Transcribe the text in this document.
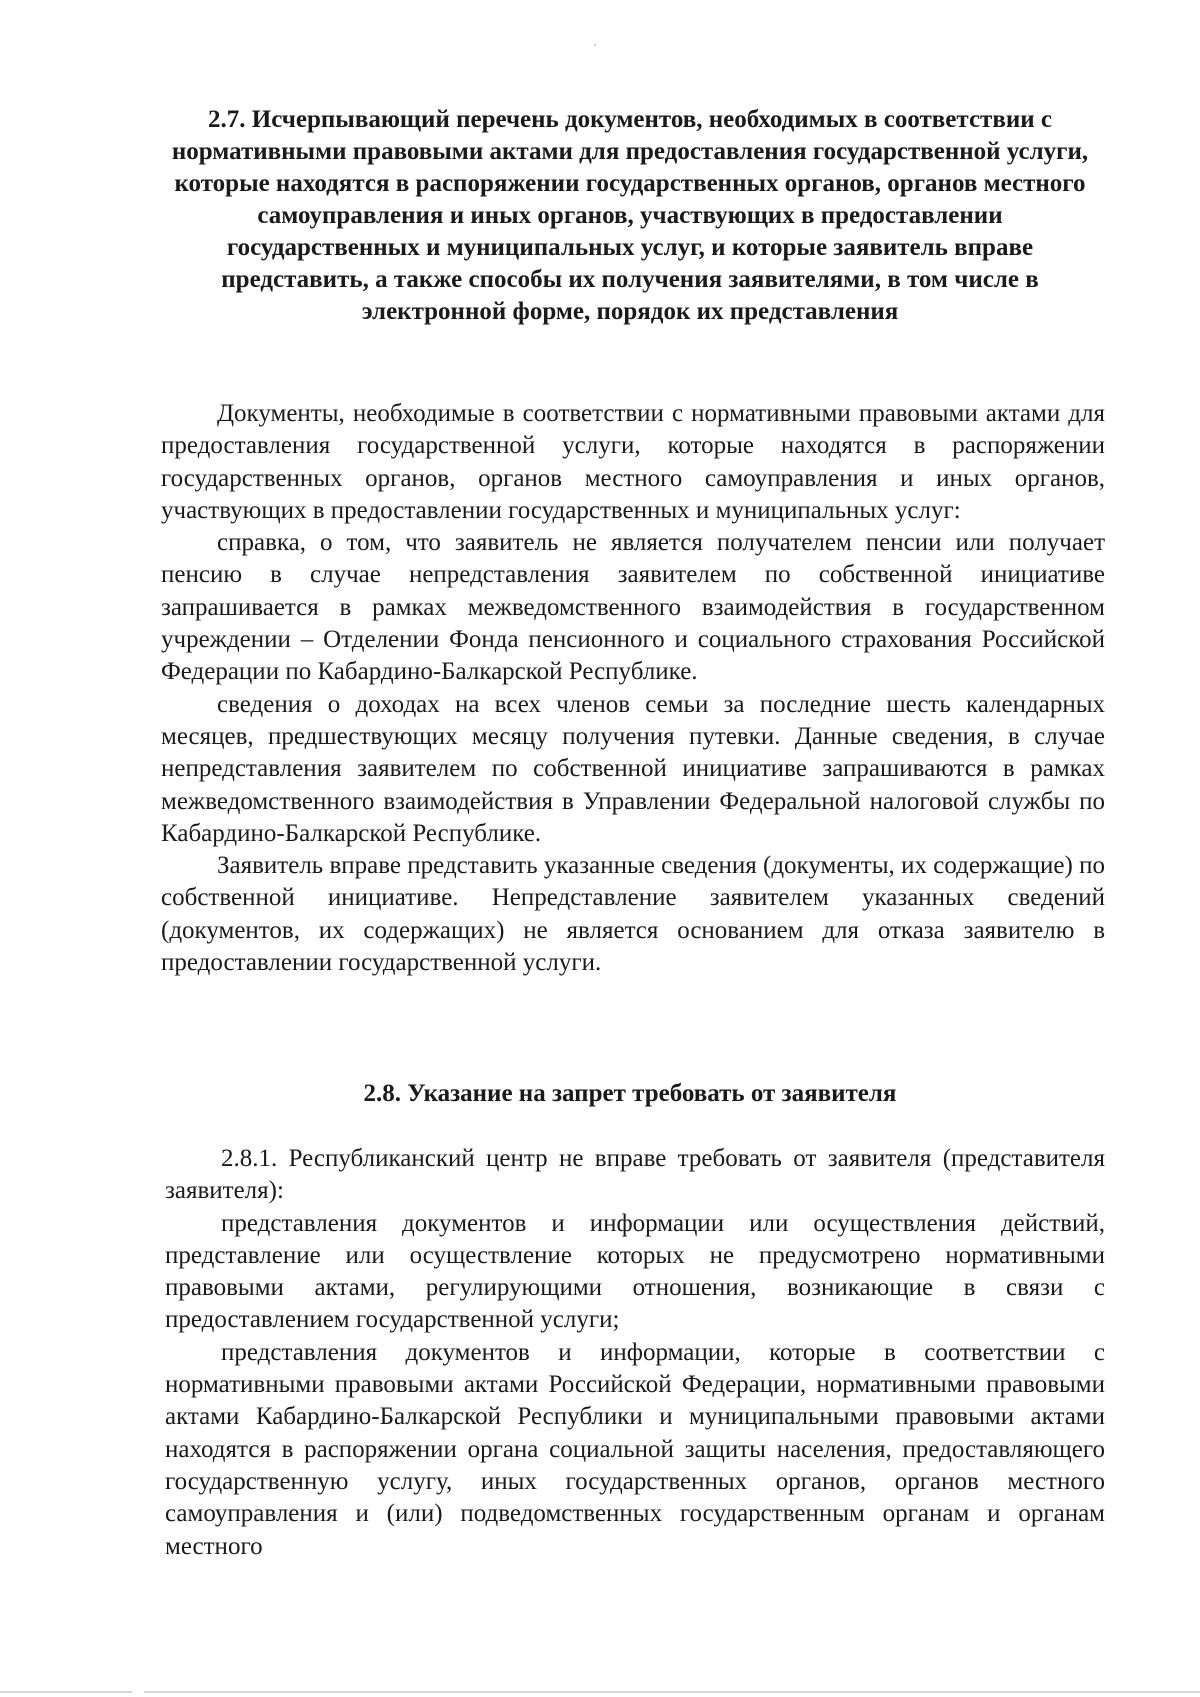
2.7. Исчерпывающий перечень документов, необходимых в соответствии с нормативными правовыми актами для предоставления государственной услуги, которые находятся в распоряжении государственных органов, органов местного самоуправления и иных органов, участвующих в предоставлении государственных и муниципальных услуг, и которые заявитель вправе представить, а также способы их получения заявителями, в том числе в электронной форме, порядок их представления

Документы, необходимые в соответствии с нормативными правовыми актами для предоставления государственной услуги, которые находятся в распоряжении государственных органов, органов местного самоуправления и иных органов, участвующих в предоставлении государственных и муниципальных услуг:

справка, о том, что заявитель не является получателем пенсии или получает пенсию в случае непредставления заявителем по собственной инициативе запрашивается в рамках межведомственного взаимодействия в государственном учреждении – Отделении Фонда пенсионного и социального страхования Российской Федерации по Кабардино-Балкарской Республике.

сведения о доходах на всех членов семьи за последние шесть календарных месяцев, предшествующих месяцу получения путевки. Данные сведения, в случае непредставления заявителем по собственной инициативе запрашиваются в рамках межведомственного взаимодействия в Управлении Федеральной налоговой службы по Кабардино-Балкарской Республике.

Заявитель вправе представить указанные сведения (документы, их содержащие) по собственной инициативе. Непредставление заявителем указанных сведений (документов, их содержащих) не является основанием для отказа заявителю в предоставлении государственной услуги.

2.8. Указание на запрет требовать от заявителя

2.8.1. Республиканский центр не вправе требовать от заявителя (представителя заявителя):

представления документов и информации или осуществления действий, представление или осуществление которых не предусмотрено нормативными правовыми актами, регулирующими отношения, возникающие в связи с предоставлением государственной услуги;

представления документов и информации, которые в соответствии с нормативными правовыми актами Российской Федерации, нормативными правовыми актами Кабардино-Балкарской Республики и муниципальными правовыми актами находятся в распоряжении органа социальной защиты населения, предоставляющего государственную услугу, иных государственных органов, органов местного самоуправления и (или) подведомственных государственным органам и органам местного
